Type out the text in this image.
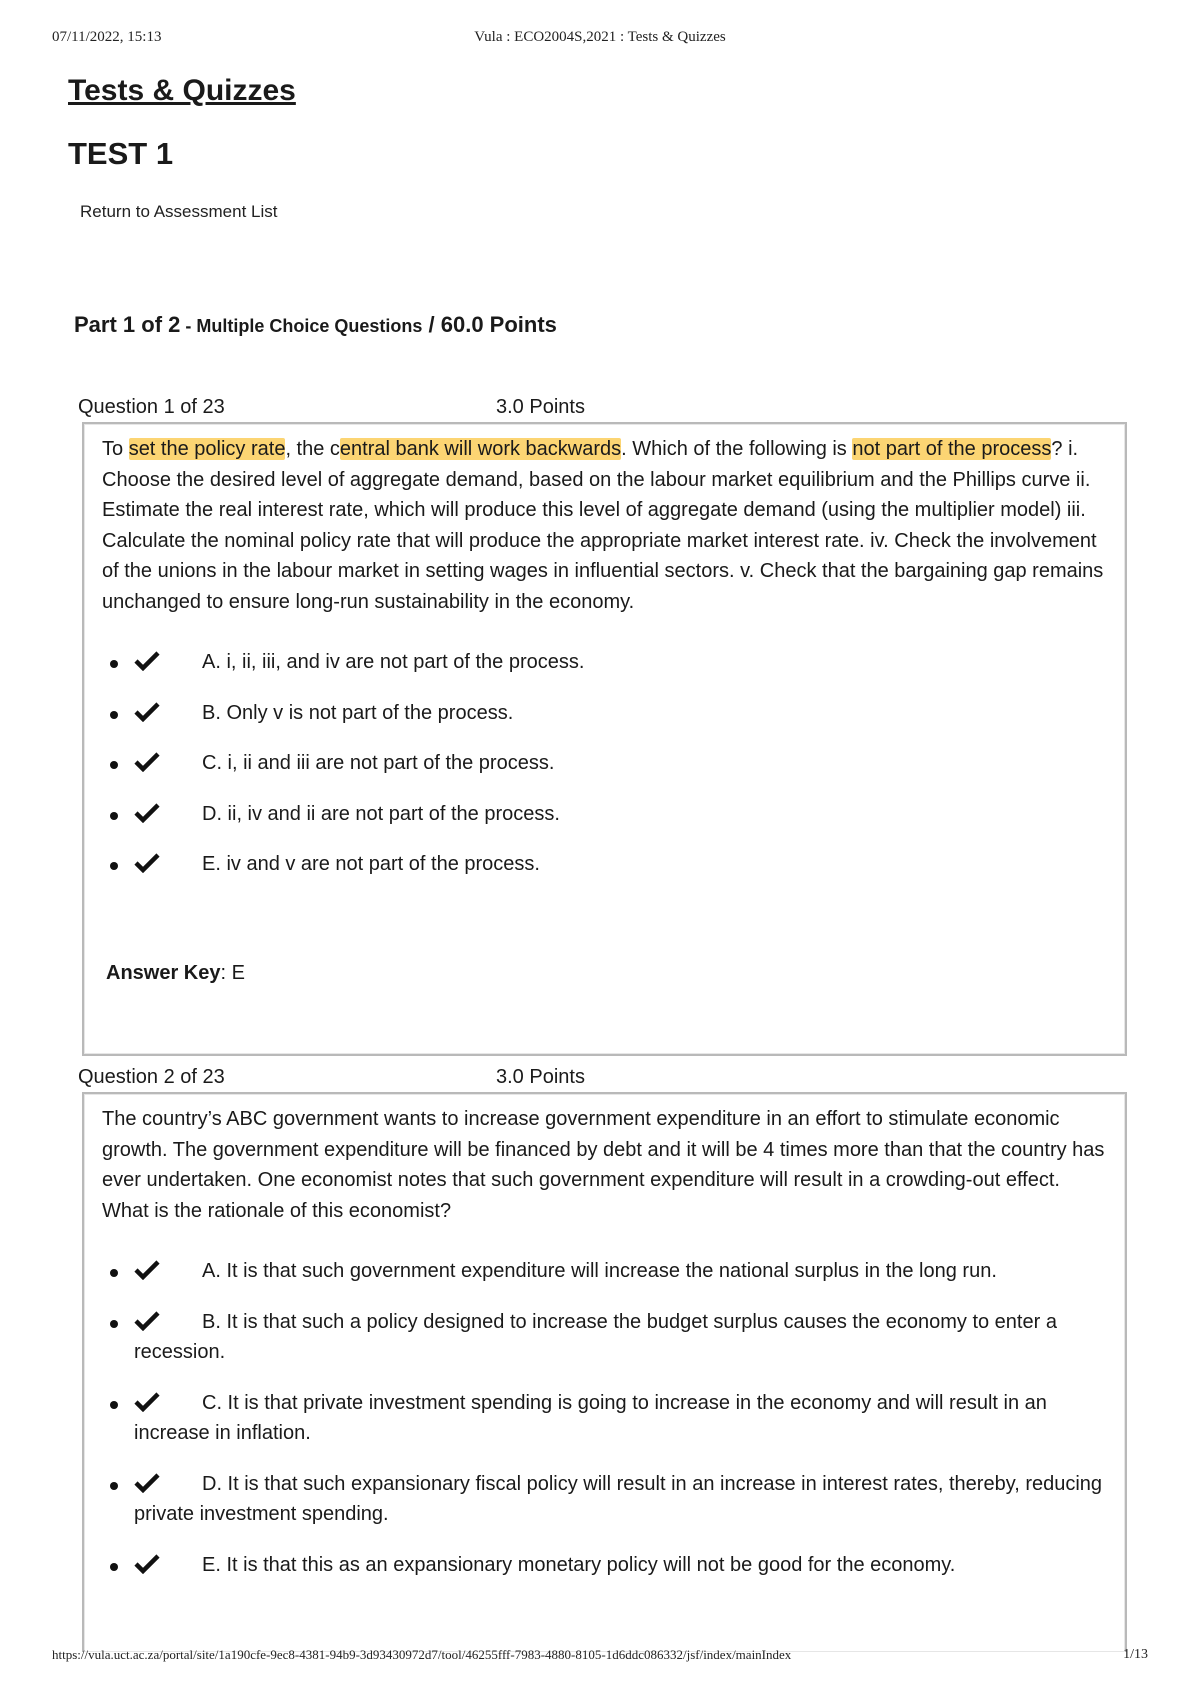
07/11/2022, 15:13	Vula : ECO2004S,2021 : Tests & Quizzes
Tests & Quizzes
TEST 1
Return to Assessment List
Part 1 of 2 - Multiple Choice Questions / 60.0 Points
Question 1 of 23	3.0 Points

To set the policy rate, the central bank will work backwards. Which of the following is not part of the process? i. Choose the desired level of aggregate demand, based on the labour market equilibrium and the Phillips curve ii. Estimate the real interest rate, which will produce this level of aggregate demand (using the multiplier model) iii. Calculate the nominal policy rate that will produce the appropriate market interest rate. iv. Check the involvement of the unions in the labour market in setting wages in influential sectors. v. Check that the bargaining gap remains unchanged to ensure long-run sustainability in the economy.

A. i, ii, iii, and iv are not part of the process.
B. Only v is not part of the process.
C. i, ii and iii are not part of the process.
D. ii, iv and ii are not part of the process.
E. iv and v are not part of the process.

Answer Key: E

Question 2 of 23	3.0 Points

The country’s ABC government wants to increase government expenditure in an effort to stimulate economic growth. The government expenditure will be financed by debt and it will be 4 times more than that the country has ever undertaken. One economist notes that such government expenditure will result in a crowding-out effect. What is the rationale of this economist?

A. It is that such government expenditure will increase the national surplus in the long run.
B. It is that such a policy designed to increase the budget surplus causes the economy to enter a recession.
C. It is that private investment spending is going to increase in the economy and will result in an increase in inflation.
D. It is that such expansionary fiscal policy will result in an increase in interest rates, thereby, reducing private investment spending.
E. It is that this as an expansionary monetary policy will not be good for the economy.
https://vula.uct.ac.za/portal/site/1a190cfe-9ec8-4381-94b9-3d93430972d7/tool/46255fff-7983-4880-8105-1d6ddc086332/jsf/index/mainIndex	1/13
